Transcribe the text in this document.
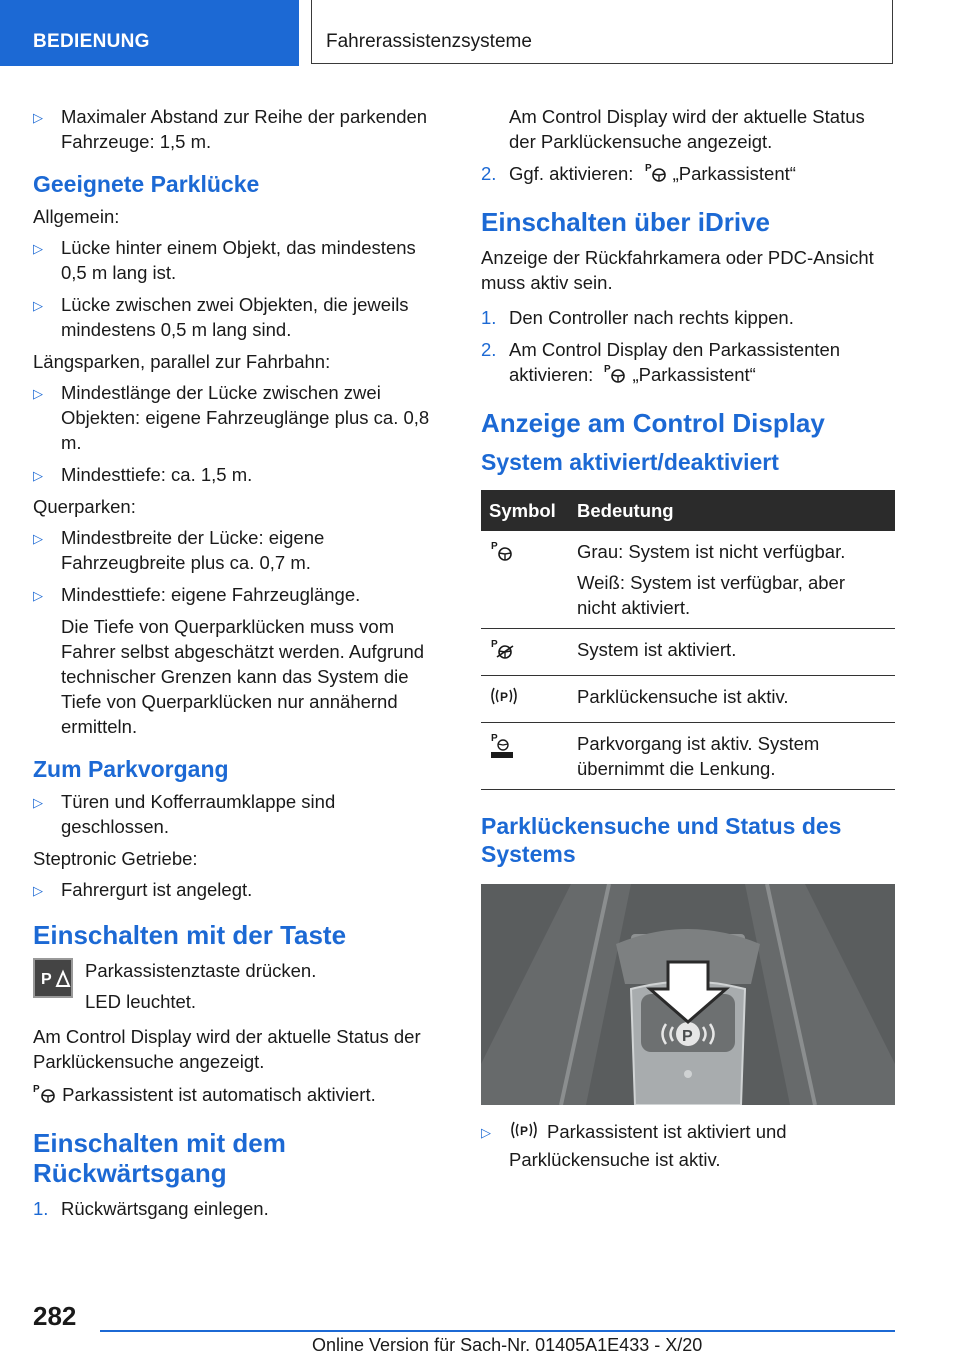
BEDIENUNG	Fahrerassistenzsysteme
▷ Maximaler Abstand zur Reihe der parkenden Fahrzeuge: 1,5 m.
Geeignete Parklücke
Allgemein:
▷ Lücke hinter einem Objekt, das mindestens 0,5 m lang ist.
▷ Lücke zwischen zwei Objekten, die jeweils mindestens 0,5 m lang sind.
Längsparken, parallel zur Fahrbahn:
▷ Mindestlänge der Lücke zwischen zwei Objekten: eigene Fahrzeuglänge plus ca. 0,8 m.
▷ Mindesttiefe: ca. 1,5 m.
Querparken:
▷ Mindestbreite der Lücke: eigene Fahrzeugbreite plus ca. 0,7 m.
▷ Mindesttiefe: eigene Fahrzeuglänge.
Die Tiefe von Querparklücken muss vom Fahrer selbst abgeschätzt werden. Aufgrund technischer Grenzen kann das System die Tiefe von Querparklücken nur annähernd ermitteln.
Zum Parkvorgang
▷ Türen und Kofferraumklappe sind geschlossen.
Steptronic Getriebe:
▷ Fahrergurt ist angelegt.
Einschalten mit der Taste
P Parkassistenztaste drücken.
LED leuchtet.
Am Control Display wird der aktuelle Status der Parklückensuche angezeigt.
P Parkassistent ist automatisch aktiviert.
Einschalten mit dem Rückwärtsgang
1. Rückwärtsgang einlegen.
Am Control Display wird der aktuelle Status der Parklückensuche angezeigt.
2. Ggf. aktivieren: P „Parkassistent“
Einschalten über iDrive
Anzeige der Rückfahrkamera oder PDC-Ansicht muss aktiv sein.
1. Den Controller nach rechts kippen.
2. Am Control Display den Parkassistenten aktivieren: P „Parkassistent“
Anzeige am Control Display
System aktiviert/deaktiviert
Symbol	Bedeutung

P	Grau: System ist nicht verfügbar.

Weiß: System ist verfügbar, aber nicht aktiviert.

P	System ist aktiviert.

P	Parklückensuche ist aktiv.

P	Parkvorgang ist aktiv. System übernimmt die Lenkung.

Parklückensuche und Status des Systems
P
▷ P Parkassistent ist aktiviert und Parklückensuche ist aktiv.
282
Online Version für Sach-Nr. 01405A1E433 - X/20
